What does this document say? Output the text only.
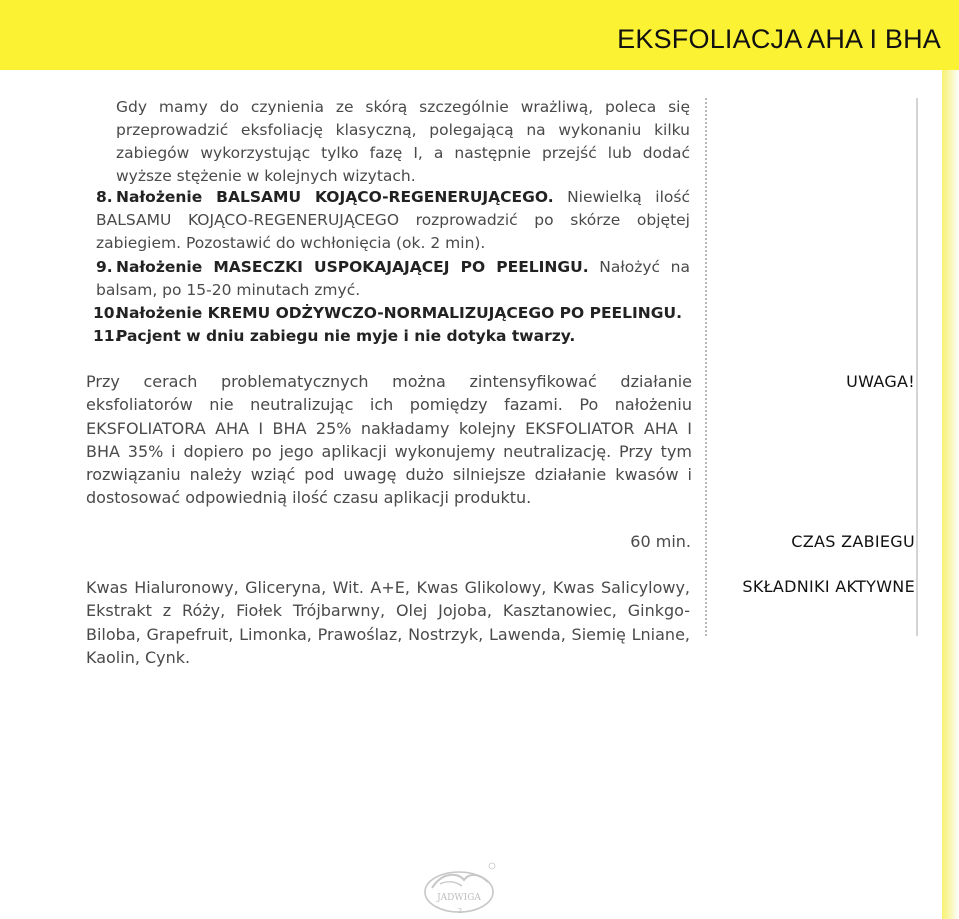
EKSFOLIACJA AHA I BHA

Gdy mamy do czynienia ze skórą szczególnie wrażliwą, poleca się przeprowadzić eksfoliację klasyczną, polegającą na wykonaniu kilku zabiegów wykorzystując tylko fazę I, a następnie przejść lub dodać wyższe stężenie w kolejnych wizytach.

8. Nałożenie BALSAMU KOJĄCO-REGENERUJĄCEGO. Niewielką ilość BALSAMU KOJĄCO-REGENERUJĄCEGO rozprowadzić po skórze objętej zabiegiem. Pozostawić do wchłonięcia (ok. 2 min).

9. Nałożenie MASECZKI USPOKAJAJĄCEJ PO PEELINGU. Nałożyć na balsam, po 15-20 minutach zmyć.

10.Nałożenie KREMU ODŻYWCZO-NORMALIZUJĄCEGO PO PEELINGU.

11.Pacjent w dniu zabiegu nie myje i nie dotyka twarzy.

Przy cerach problematycznych można zintensyfikować działanie eksfoliatorów nie neutralizując ich pomiędzy fazami. Po nałożeniu EKSFOLIATORA AHA I BHA 25% nakładamy kolejny EKSFOLIATOR AHA I BHA 35% i dopiero po jego aplikacji wykonujemy neutralizację. Przy tym rozwiązaniu należy wziąć pod uwagę dużo silniejsze działanie kwasów i dostosować odpowiednią ilość czasu aplikacji produktu.

UWAGA!
60 min.	CZAS ZABIEGU

Kwas Hialuronowy, Gliceryna, Wit. A+E, Kwas Glikolowy, Kwas Salicylowy, Ekstrakt z Róży, Fiołek Trójbarwny, Olej Jojoba, Kasztanowiec, Ginkgo-Biloba, Grapefruit, Limonka, Prawoślaz, Nostrzyk, Lawenda, Siemię Lniane, Kaolin, Cynk.

SKŁADNIKI AKTYWNE
JADWIGA
2
